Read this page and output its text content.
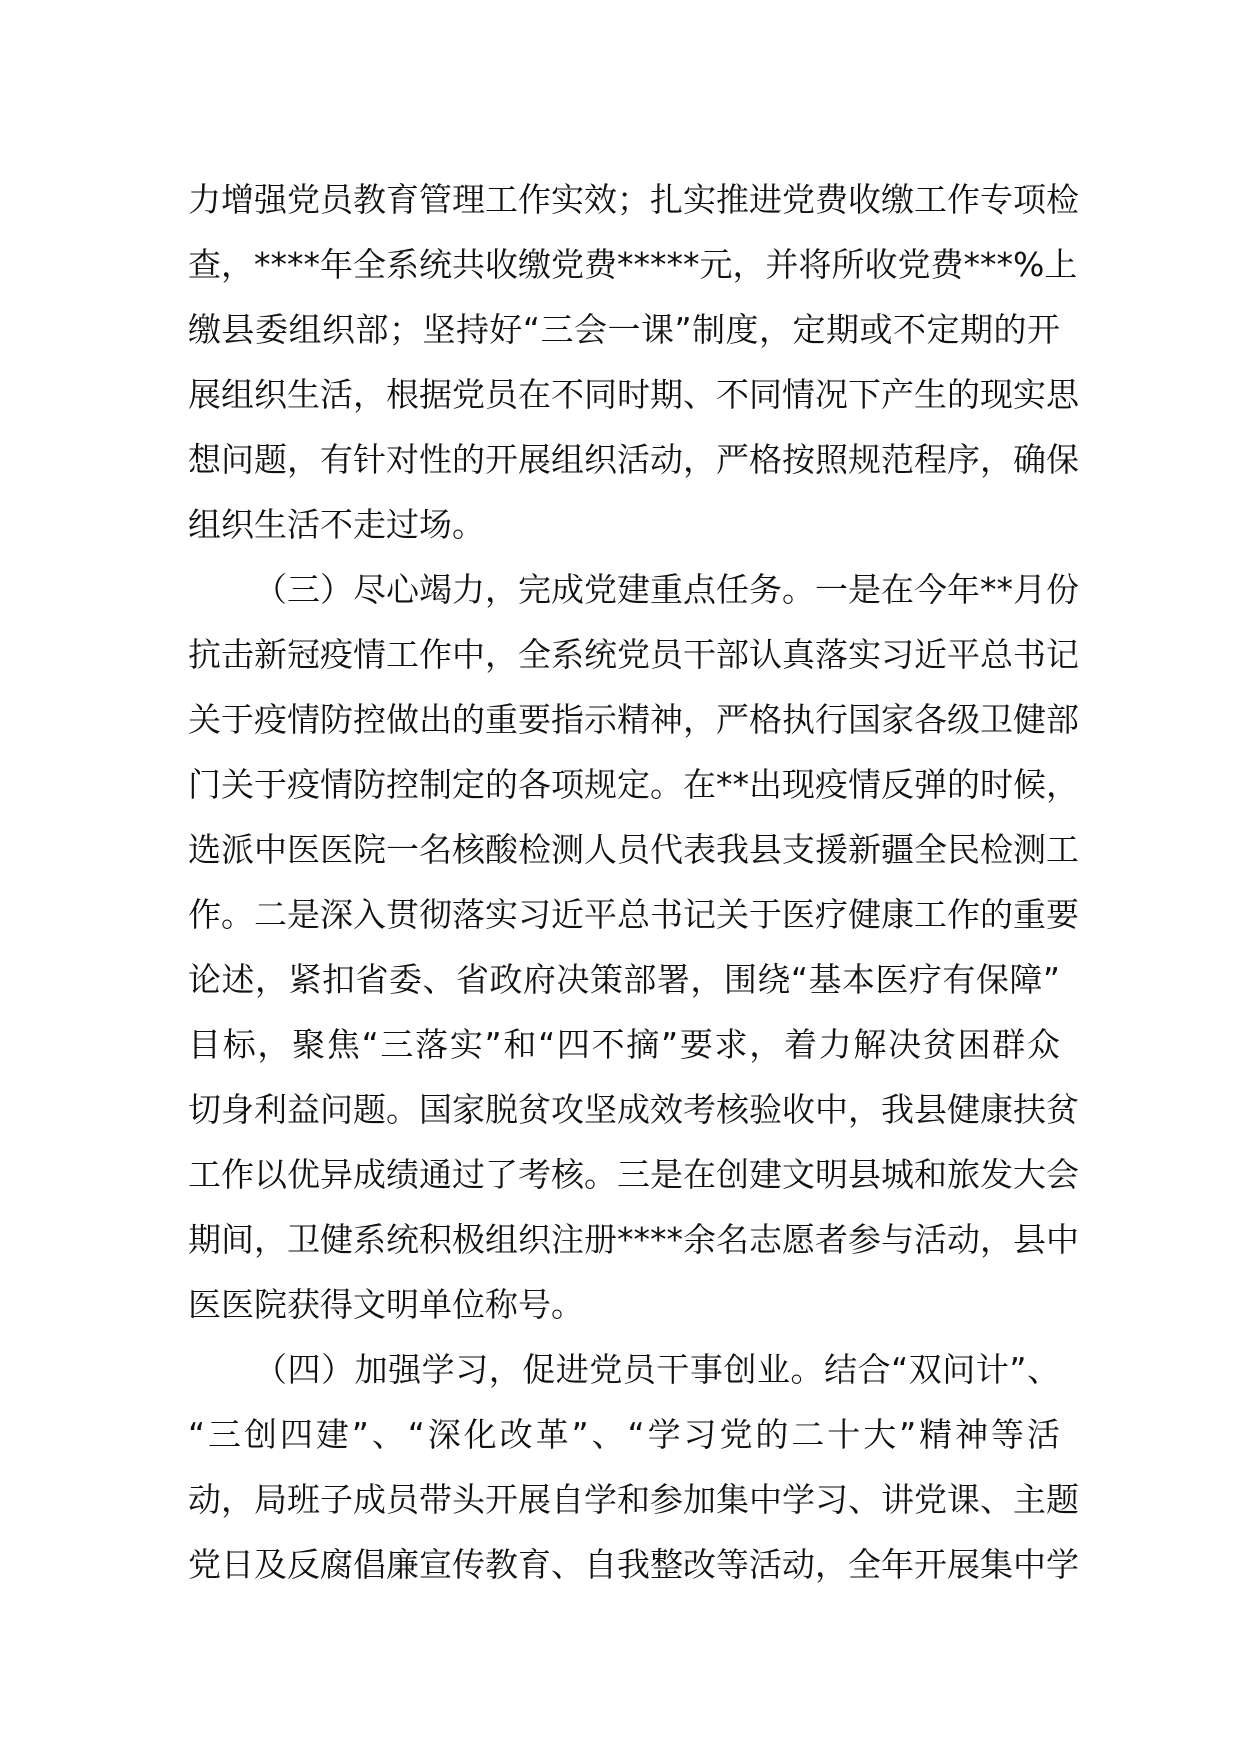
力增强党员教育管理工作实效；扎实推进党费收缴工作专项检
查，****年全系统共收缴党费*****元，并将所收党费***%上
缴县委组织部；坚持好“三会一课”制度，定期或不定期的开
展组织生活，根据党员在不同时期、不同情况下产生的现实思
想问题，有针对性的开展组织活动，严格按照规范程序，确保
组织生活不走过场。
（三）尽心竭力，完成党建重点任务。一是在今年**月份
抗击新冠疫情工作中，全系统党员干部认真落实习近平总书记
关于疫情防控做出的重要指示精神，严格执行国家各级卫健部
门关于疫情防控制定的各项规定。在**出现疫情反弹的时候，
选派中医医院一名核酸检测人员代表我县支援新疆全民检测工
作。二是深入贯彻落实习近平总书记关于医疗健康工作的重要
论述，紧扣省委、省政府决策部署，围绕“基本医疗有保障”
目标，聚焦“三落实”和“四不摘”要求，着力解决贫困群众
切身利益问题。国家脱贫攻坚成效考核验收中，我县健康扶贫
工作以优异成绩通过了考核。三是在创建文明县城和旅发大会
期间，卫健系统积极组织注册****余名志愿者参与活动，县中
医医院获得文明单位称号。
（四）加强学习，促进党员干事创业。结合“双问计”、
“三创四建”、“深化改革”、“学习党的二十大”精神等活
动，局班子成员带头开展自学和参加集中学习、讲党课、主题
党日及反腐倡廉宣传教育、自我整改等活动，全年开展集中学
